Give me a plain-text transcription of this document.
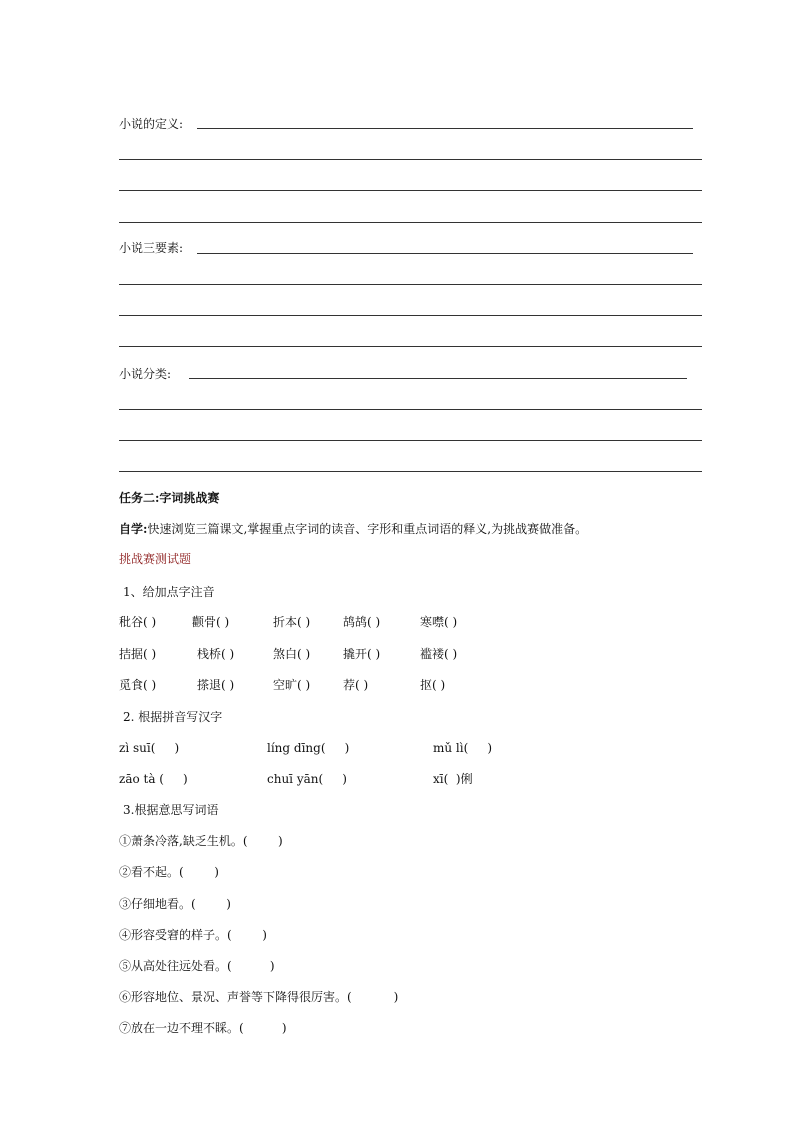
小说的定义:
小说三要素:
小说分类:
任务二:字词挑战赛
自学:快速浏览三篇课文,掌握重点字词的读音、字形和重点词语的释义,为挑战赛做准备。
挑战赛测试题
1、给加点字注音
秕谷( )	颧骨( )	折本( )	鸪鸪( )	寒噤( )
拮据( )	栈桥( )	煞白( )	撬开( )	褴褛( )
觅食( )	搽退( )	空旷( )	荐( )	抠( )
2. 根据拼音写汉字
zì suī(     )	líng dīng(     )	mǔ lì(     )
zāo tà (     )	chuī yān(     )	xī(  )俐
3.根据意思写词语
①萧条冷落,缺乏生机。(        )
②看不起。(        )
③仔细地看。(        )
④形容受窘的样子。(        )
⑤从高处往远处看。(          )
⑥形容地位、景况、声誉等下降得很厉害。(           )
⑦放在一边不理不睬。(          )
